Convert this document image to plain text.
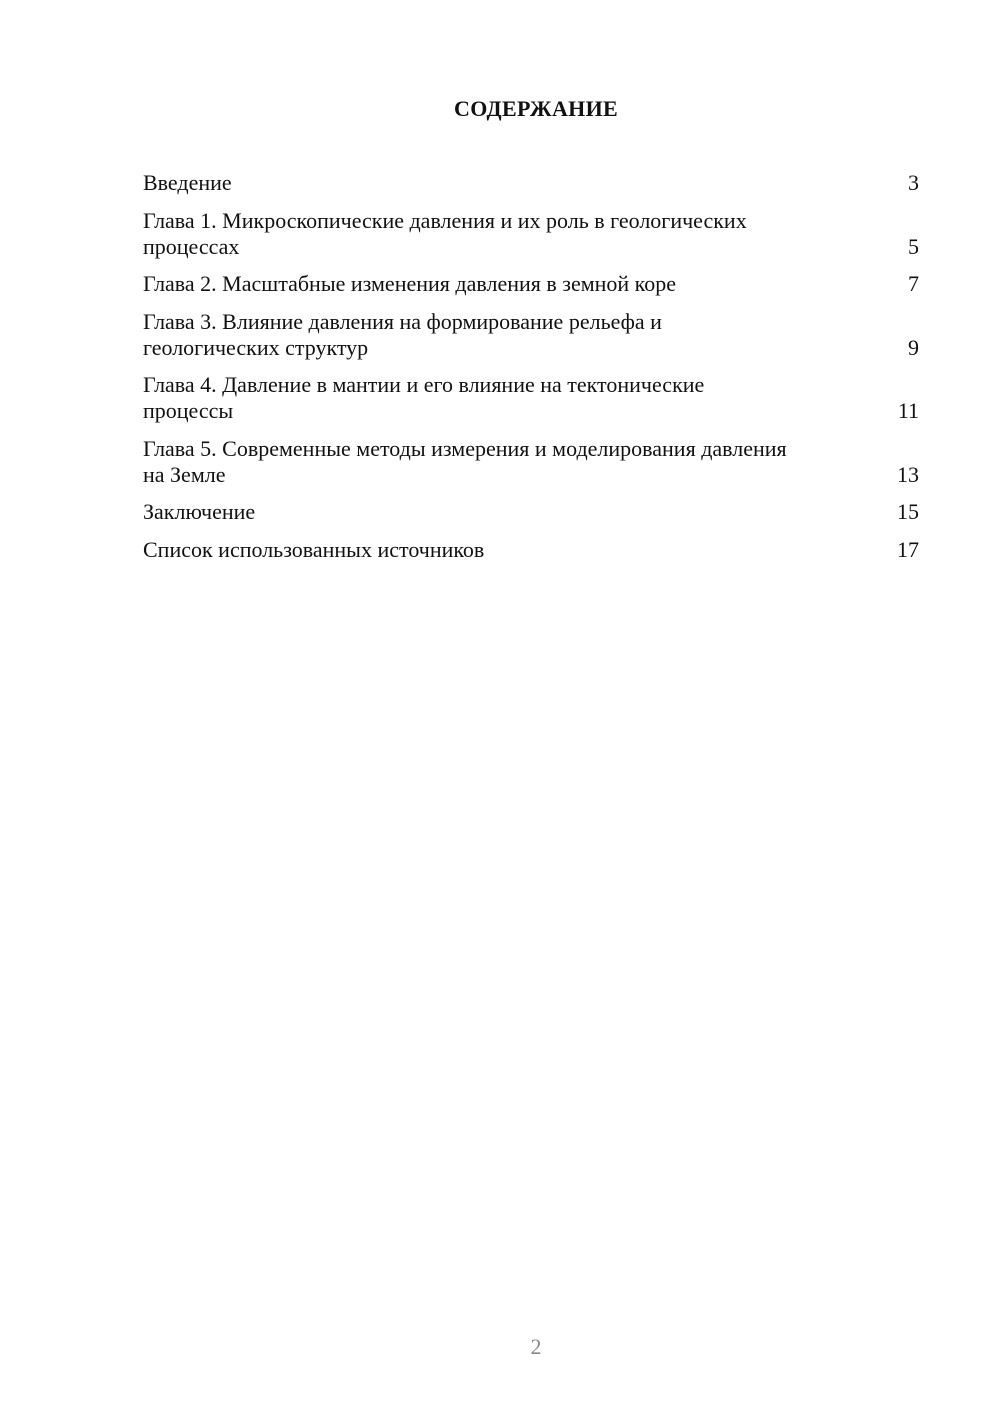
СОДЕРЖАНИЕ
Введение	3
Глава 1. Микроскопические давления и их роль в геологических процессах	5
Глава 2. Масштабные изменения давления в земной коре	7
Глава 3. Влияние давления на формирование рельефа и геологических структур	9
Глава 4. Давление в мантии и его влияние на тектонические процессы	11
Глава 5. Современные методы измерения и моделирования давления на Земле	13
Заключение	15
Список использованных источников	17
2
